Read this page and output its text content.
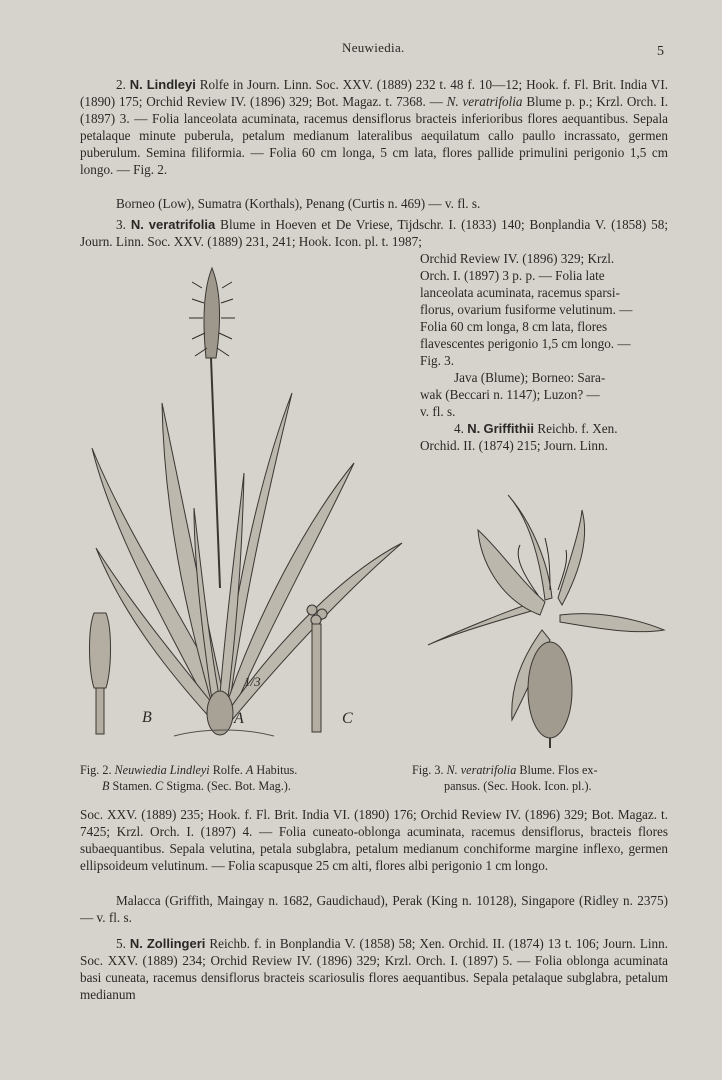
Neuwiedia.	5

2. N. Lindleyi Rolfe in Journ. Linn. Soc. XXV. (1889) 232 t. 48 f. 10—12; Hook. f. Fl. Brit. India VI. (1890) 175; Orchid Review IV. (1896) 329; Bot. Magaz. t. 7368. — N. veratrifolia Blume p. p.; Krzl. Orch. I. (1897) 3. — Folia lanceolata acuminata, racemus densiflorus bracteis inferioribus flores aequantibus. Sepala petalaque minute puberula, petalum medianum lateralibus aequilatum callo paullo incrassato, germen puberulum. Semina filiformia. — Folia 60 cm longa, 5 cm lata, flores pallide primulini perigonio 1,5 cm longo. — Fig. 2.

Borneo (Low), Sumatra (Korthals), Penang (Curtis n. 469) — v. fl. s.

3. N. veratrifolia Blume in Hoeven et De Vriese, Tijdschr. I. (1833) 140; Bonplandia V. (1858) 58; Journ. Linn. Soc. XXV. (1889) 231, 241; Hook. Icon. pl. t. 1987;

Orchid Review IV. (1896) 329; Krzl.
Orch. I. (1897) 3 p. p. — Folia late
lanceolata acuminata, racemus sparsi-
florus, ovarium fusiforme velutinum. —
Folia 60 cm longa, 8 cm lata, flores
flavescentes perigonio 1,5 cm longo. —
Fig. 3.
Java (Blume); Borneo: Sara-
wak (Beccari n. 1147); Luzon? —
v. fl. s.
4. N. Griffithii Reichb. f. Xen.
Orchid. II. (1874) 215; Journ. Linn.
B	A	C
1/3
Fig. 2. Neuwiedia Lindleyi Rolfe. A Habitus.
B Stamen. C Stigma. (Sec. Bot. Mag.).
Fig. 3. N. veratrifolia Blume. Flos ex-
pansus. (Sec. Hook. Icon. pl.).

Soc. XXV. (1889) 235; Hook. f. Fl. Brit. India VI. (1890) 176; Orchid Review IV. (1896) 329; Bot. Magaz. t. 7425; Krzl. Orch. I. (1897) 4. — Folia cuneato-oblonga acuminata, racemus densiflorus, bracteis flores subaequantibus. Sepala velutina, petala subglabra, petalum medianum conchiforme margine inflexo, germen ellipsoideum velutinum. — Folia scapusque 25 cm alti, flores albi perigonio 1 cm longo.

Malacca (Griffith, Maingay n. 1682, Gaudichaud), Perak (King n. 10128), Singapore (Ridley n. 2375) — v. fl. s.

5. N. Zollingeri Reichb. f. in Bonplandia V. (1858) 58; Xen. Orchid. II. (1874) 13 t. 106; Journ. Linn. Soc. XXV. (1889) 234; Orchid Review IV. (1896) 329; Krzl. Orch. I. (1897) 5. — Folia oblonga acuminata basi cuneata, racemus densiflorus bracteis scariosulis flores aequantibus. Sepala petalaque subglabra, petalum medianum
